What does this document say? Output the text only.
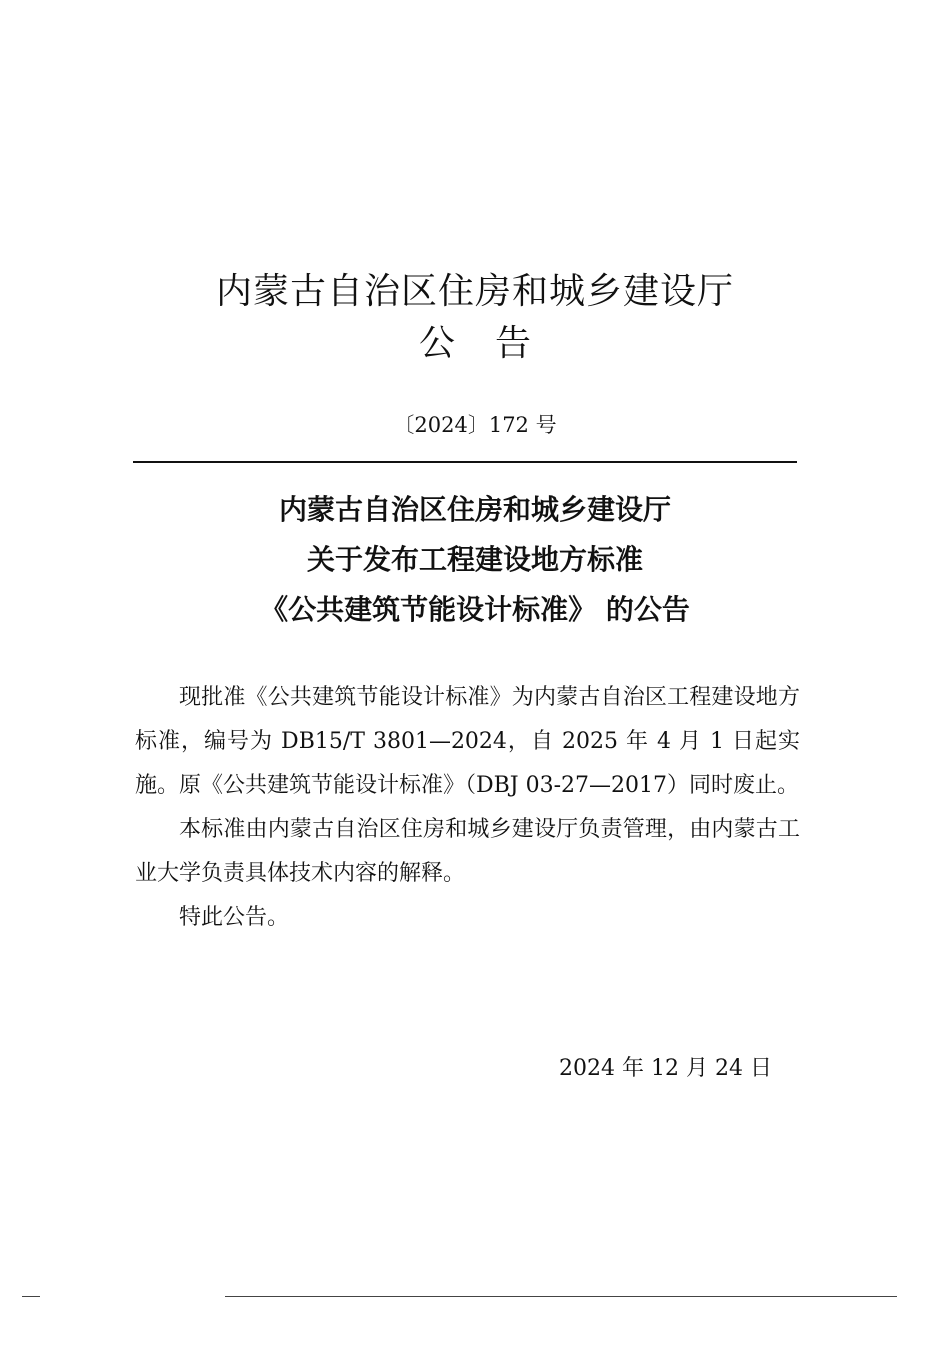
内蒙古自治区住房和城乡建设厅
公告
〔2024〕172 号
内蒙古自治区住房和城乡建设厅
关于发布工程建设地方标准
《公共建筑节能设计标准》 的公告

现批准《公共建筑节能设计标准》为内蒙古自治区工程建设地方标准，编号为 DB15/T 3801—2024，自 2025 年 4 月 1 日起实施。原《公共建筑节能设计标准》（DBJ 03-27—2017）同时废止。

本标准由内蒙古自治区住房和城乡建设厅负责管理，由内蒙古工业大学负责具体技术内容的解释。

特此公告。

2024 年 12 月 24 日
